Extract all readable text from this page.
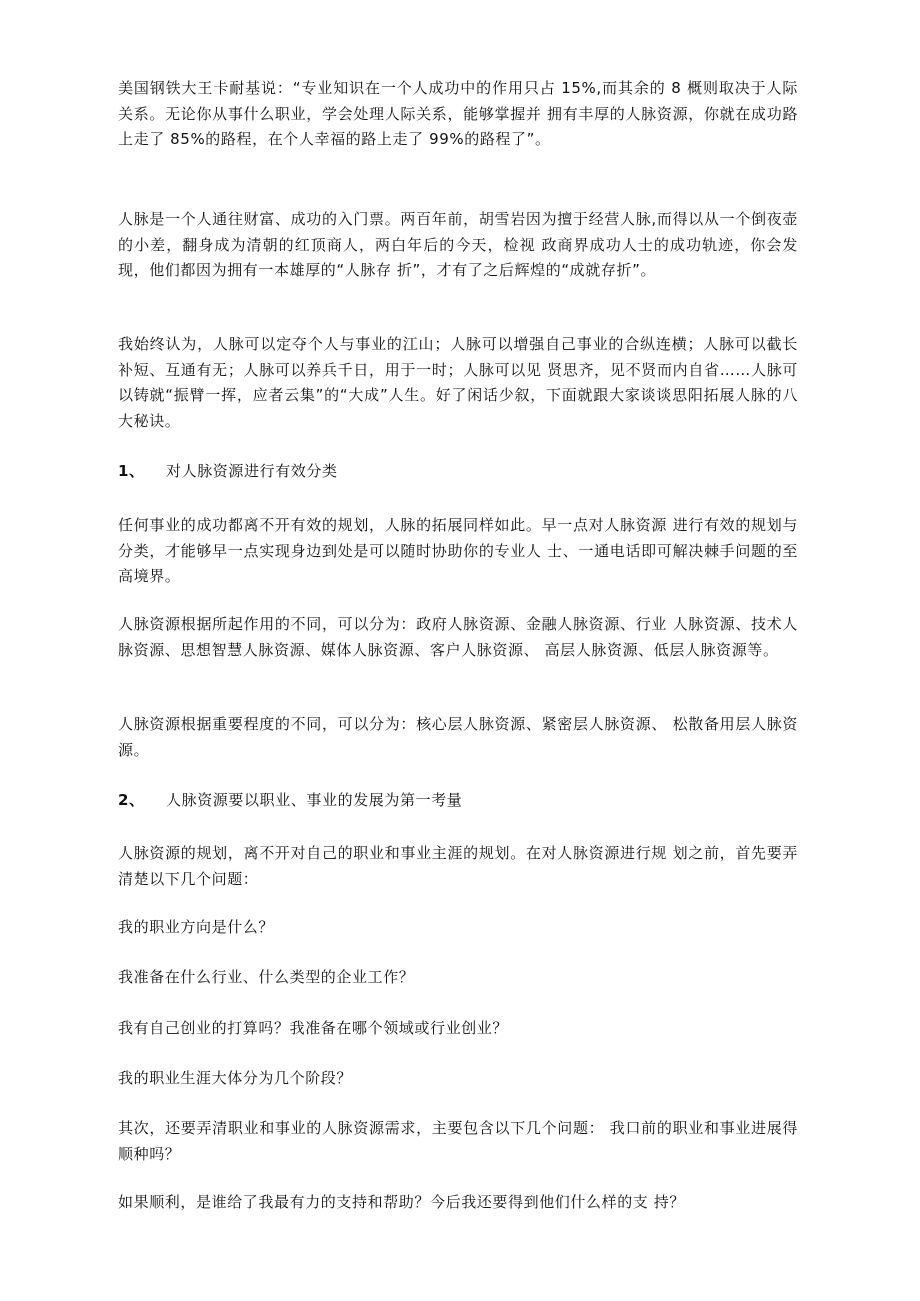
美国钢铁大王卡耐基说：“专业知识在一个人成功中的作用只占 15%,而其余的 8 概则取决于人际关系。无论你从事什么职业，学会处理人际关系，能够掌握并 拥有丰厚的人脉资源，你就在成功路上走了 85%的路程，在个人幸福的路上走了 99%的路程了”。

人脉是一个人通往财富、成功的入门票。两百年前，胡雪岩因为擅于经营人脉,而得以从一个倒夜壶的小差，翻身成为清朝的红顶商人，两白年后的今天，检视 政商界成功人士的成功轨迹，你会发现，他们都因为拥有一本雄厚的“人脉存 折”，才有了之后辉煌的“成就存折”。

我始终认为，人脉可以定夺个人与事业的江山；人脉可以增强自己事业的合纵连横；人脉可以截长补短、互通有无；人脉可以养兵千日，用于一时；人脉可以见 贤思齐，见不贤而内自省……人脉可以铸就“振臂一挥，应者云集”的“大成”人生。好了闲话少叙，下面就跟大家谈谈思阳拓展人脉的八大秘诀。

1、 对人脉资源进行有效分类

任何事业的成功都离不开有效的规划，人脉的拓展同样如此。早一点对人脉资源 进行有效的规划与分类，才能够早一点实现身边到处是可以随时协助你的专业人 士、一通电话即可解决棘手问题的至高境界。

人脉资源根据所起作用的不同，可以分为：政府人脉资源、金融人脉资源、行业 人脉资源、技术人脉资源、思想智慧人脉资源、媒体人脉资源、客户人脉资源、 高层人脉资源、低层人脉资源等。

人脉资源根据重要程度的不同，可以分为：核心层人脉资源、紧密层人脉资源、 松散备用层人脉资源。

2、 人脉资源要以职业、事业的发展为第一考量

人脉资源的规划，离不开对自己的职业和事业主涯的规划。在对人脉资源进行规 划之前，首先要弄清楚以下几个问题：

我的职业方向是什么？

我准备在什么行业、什么类型的企业工作？

我有自己创业的打算吗？我准备在哪个领域或行业创业？

我的职业生涯大体分为几个阶段？

其次，还要弄清职业和事业的人脉资源需求，主要包含以下几个问题： 我口前的职业和事业进展得顺种吗？

如果顺利，是谁给了我最有力的支持和帮助？今后我还要得到他们什么样的支 持？
